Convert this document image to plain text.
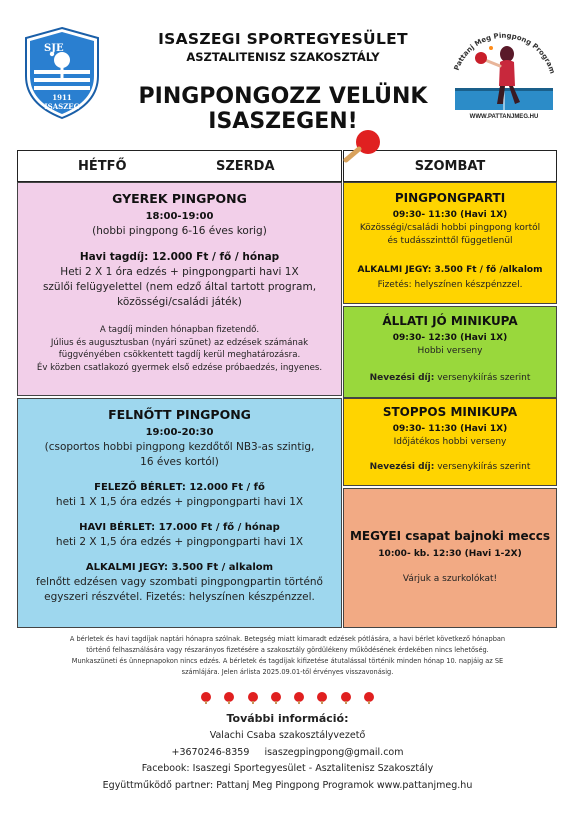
SJE
1911
ISASZEG
ISASZEGI SPORTEGYESÜLET
ASZTALITENISZ SZAKOSZTÁLY
PINGPONGOZZ VELÜNK
ISASZEGEN!
Pattanj Meg Pingpong Program
WWW.PATTANJMEG.HU
HÉTFŐ	SZERDA	SZOMBAT
GYEREK PINGPONG
18:00-19:00
(hobbi pingpong 6-16 éves korig)
Havi tagdíj: 12.000 Ft / fő / hónap
Heti 2 X 1 óra edzés + pingpongparti havi 1X
szülői felügyelettel (nem edző által tartott program,
közösségi/családi játék)
A tagdíj minden hónapban fizetendő.
Július és augusztusban (nyári szünet) az edzések számának
függvényében csökkentett tagdíj kerül meghatározásra.
Év közben csatlakozó gyermek első edzése próbaedzés, ingyenes.
FELNŐTT PINGPONG
19:00-20:30
(csoportos hobbi pingpong kezdőtől NB3-as szintig,
16 éves kortól)
FELEZŐ BÉRLET: 12.000 Ft / fő
heti 1 X 1,5 óra edzés + pingpongparti havi 1X
HAVI BÉRLET: 17.000 Ft / fő / hónap
heti 2 X 1,5 óra edzés + pingpongparti havi 1X
ALKALMI JEGY: 3.500 Ft / alkalom
felnőtt edzésen vagy szombati pingpongpartin történő
egyszeri részvétel. Fizetés: helyszínen készpénzzel.
PINGPONGPARTI
09:30- 11:30 (Havi 1X)
Közösségi/családi hobbi pingpong kortól
és tudásszinttől függetlenül
ALKALMI JEGY: 3.500 Ft / fő /alkalom
Fizetés: helyszínen készpénzzel.
ÁLLATI JÓ MINIKUPA
09:30- 12:30 (Havi 1X)
Hobbi verseny
Nevezési díj: versenykiírás szerint
STOPPOS MINIKUPA
09:30- 11:30 (Havi 1X)
Időjátékos hobbi verseny
Nevezési díj: versenykiírás szerint
MEGYEI csapat bajnoki meccs
10:00- kb. 12:30 (Havi 1-2X)
Várjuk a szurkolókat!
A bérletek és havi tagdíjak naptári hónapra szólnak. Betegség miatt kimaradt edzések pótlására, a havi bérlet következő hónapban
történő felhasználására vagy részarányos fizetésére a szakosztály gördülékeny működésének érdekében nincs lehetőség.
Munkaszüneti és ünnepnapokon nincs edzés. A bérletek és tagdíjak kifizetése átutalással történik minden hónap 10. napjáig az SE
számlájára. Jelen árlista 2025.09.01-től érvényes visszavonásig.
További információ:
Valachi Csaba szakosztályvezető
+3670246-8359     isaszegpingpong@gmail.com
Facebook: Isaszegi Sportegyesület - Asztalitenisz Szakosztály
Együttműködő partner: Pattanj Meg Pingpong Programok www.pattanjmeg.hu
